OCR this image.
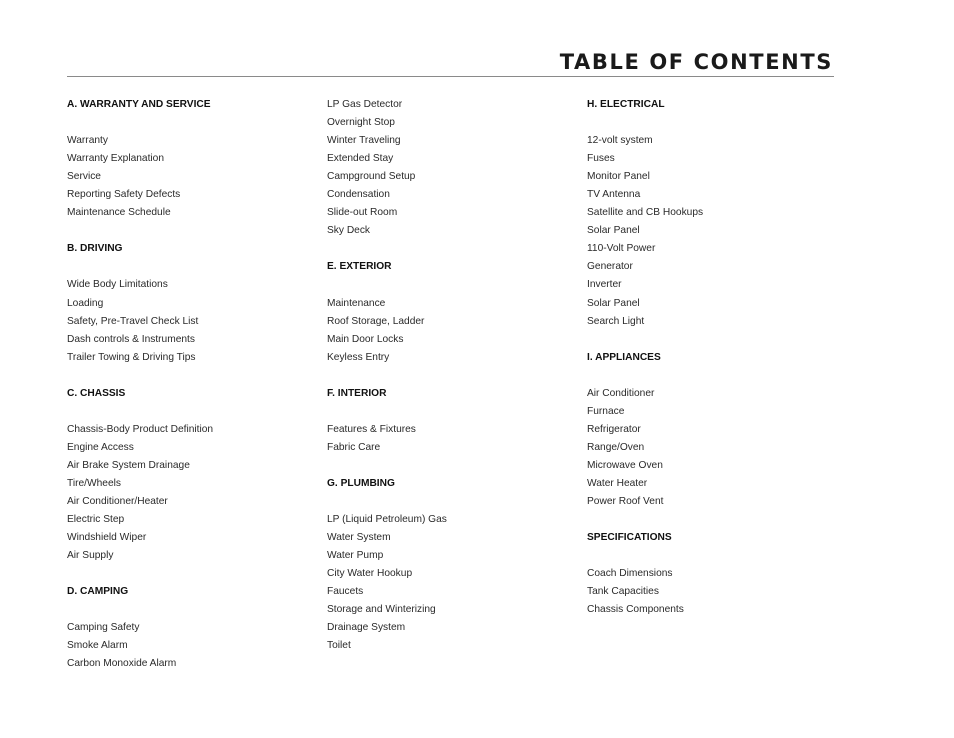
TABLE OF CONTENTS
A. WARRANTY AND SERVICE
Warranty
Warranty Explanation
Service
Reporting Safety Defects
Maintenance Schedule
B. DRIVING
Wide Body Limitations
Loading
Safety, Pre-Travel Check List
Dash controls & Instruments
Trailer Towing & Driving Tips
C. CHASSIS
Chassis-Body Product Definition
Engine Access
Air Brake System Drainage
Tire/Wheels
Air Conditioner/Heater
Electric Step
Windshield Wiper
Air Supply
D. CAMPING
Camping Safety
Smoke Alarm
Carbon Monoxide Alarm
LP Gas Detector
Overnight Stop
Winter Traveling
Extended Stay
Campground Setup
Condensation
Slide-out Room
Sky Deck
E. EXTERIOR
Maintenance
Roof Storage, Ladder
Main Door Locks
Keyless Entry
F. INTERIOR
Features & Fixtures
Fabric Care
G. PLUMBING
LP (Liquid Petroleum) Gas
Water System
Water Pump
City Water Hookup
Faucets
Storage and Winterizing
Drainage System
Toilet
H. ELECTRICAL
12-volt system
Fuses
Monitor Panel
TV Antenna
Satellite and CB Hookups
Solar Panel
110-Volt Power
Generator
Inverter
Solar Panel
Search Light
I. APPLIANCES
Air Conditioner
Furnace
Refrigerator
Range/Oven
Microwave Oven
Water Heater
Power Roof Vent
SPECIFICATIONS
Coach Dimensions
Tank Capacities
Chassis Components
